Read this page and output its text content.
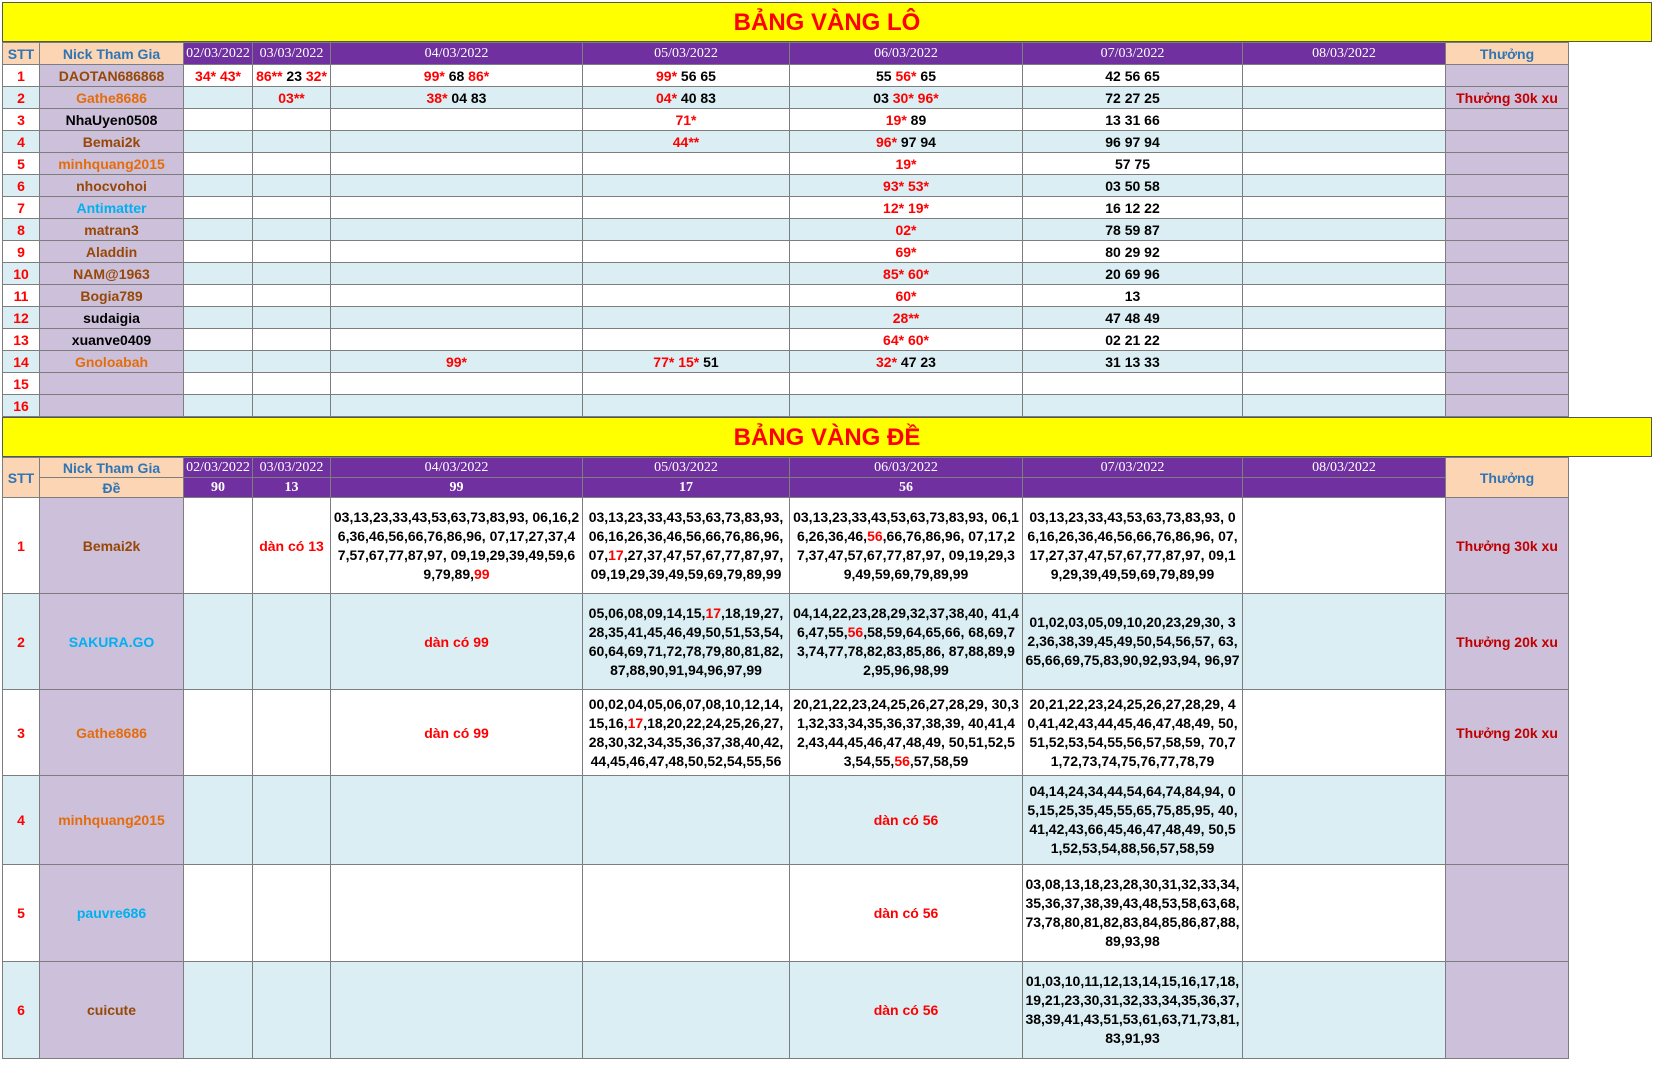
BẢNG VÀNG LÔ
STT	Nick Tham Gia	02/03/2022	03/03/2022	04/03/2022	05/03/2022	06/03/2022	07/03/2022	08/03/2022	Thưởng
1	DAOTAN686868	34* 43*	86** 23 32*	99* 68 86*	99* 56 65	55 56* 65	42 56 65		
2	Gathe8686		03**	38* 04 83	04* 40 83	03 30* 96*	72 27 25		Thưởng 30k xu
3	NhaUyen0508				71*	19* 89	13 31 66		
4	Bemai2k				44**	96* 97 94	96 97 94		
5	minhquang2015					19*	57 75		
6	nhocvohoi					93* 53*	03 50 58		
7	Antimatter					12* 19*	16 12 22		
8	matran3					02*	78 59 87		
9	Aladdin					69*	80 29 92		
10	NAM@1963					85* 60*	20 69 96		
11	Bogia789					60*	13		
12	sudaigia					28**	47 48 49		
13	xuanve0409					64* 60*	02 21 22		
14	Gnoloabah			99*	77* 15* 51	32* 47 23	31 13 33		
15									
16									
BẢNG VÀNG ĐỀ
STT	Nick Tham Gia	02/03/2022	03/03/2022	04/03/2022	05/03/2022	06/03/2022	07/03/2022	08/03/2022	Thưởng
	Đề	90	13	99	17	56			
1	Bemai2k		dàn có 13	03,13,23,33,43,53,63,73,83,93, 06,16,26,36,46,56,66,76,86,96, 07,17,27,37,47,57,67,77,87,97, 09,19,29,39,49,59,69,79,89,99	03,13,23,33,43,53,63,73,83,93, 06,16,26,36,46,56,66,76,86,96, 07,17,27,37,47,57,67,77,87,97, 09,19,29,39,49,59,69,79,89,99	03,13,23,33,43,53,63,73,83,93, 06,16,26,36,46,56,66,76,86,96, 07,17,27,37,47,57,67,77,87,97, 09,19,29,39,49,59,69,79,89,99	03,13,23,33,43,53,63,73,83,93, 06,16,26,36,46,56,66,76,86,96, 07,17,27,37,47,57,67,77,87,97, 09,19,29,39,49,59,69,79,89,99		Thưởng 30k xu
2	SAKURA.GO			dàn có 99	05,06,08,09,14,15,17,18,19,27,28,35,41,45,46,49,50,51,53,54,60,64,69,71,72,78,79,80,81,82,87,88,90,91,94,96,97,99	04,14,22,23,28,29,32,37,38,40, 41,46,47,55,56,58,59,64,65,66, 68,69,73,74,77,78,82,83,85,86, 87,88,89,92,95,96,98,99	01,02,03,05,09,10,20,23,29,30, 32,36,38,39,45,49,50,54,56,57, 63,65,66,69,75,83,90,92,93,94, 96,97		Thưởng 20k xu
3	Gathe8686			dàn có 99	00,02,04,05,06,07,08,10,12,14, 15,16,17,18,20,22,24,25,26,27, 28,30,32,34,35,36,37,38,40,42, 44,45,46,47,48,50,52,54,55,56	20,21,22,23,24,25,26,27,28,29, 30,31,32,33,34,35,36,37,38,39, 40,41,42,43,44,45,46,47,48,49, 50,51,52,53,54,55,56,57,58,59	20,21,22,23,24,25,26,27,28,29, 40,41,42,43,44,45,46,47,48,49, 50,51,52,53,54,55,56,57,58,59, 70,71,72,73,74,75,76,77,78,79		Thưởng 20k xu
4	minhquang2015					dàn có 56	04,14,24,34,44,54,64,74,84,94, 05,15,25,35,45,55,65,75,85,95, 40,41,42,43,66,45,46,47,48,49, 50,51,52,53,54,88,56,57,58,59		
5	pauvre686					dàn có 56	03,08,13,18,23,28,30,31,32,33,34, 35,36,37,38,39,43,48,53,58,63,68, 73,78,80,81,82,83,84,85,86,87,88, 89,93,98		
6	cuicute					dàn có 56	01,03,10,11,12,13,14,15,16,17,18, 19,21,23,30,31,32,33,34,35,36,37, 38,39,41,43,51,53,61,63,71,73,81, 83,91,93		
